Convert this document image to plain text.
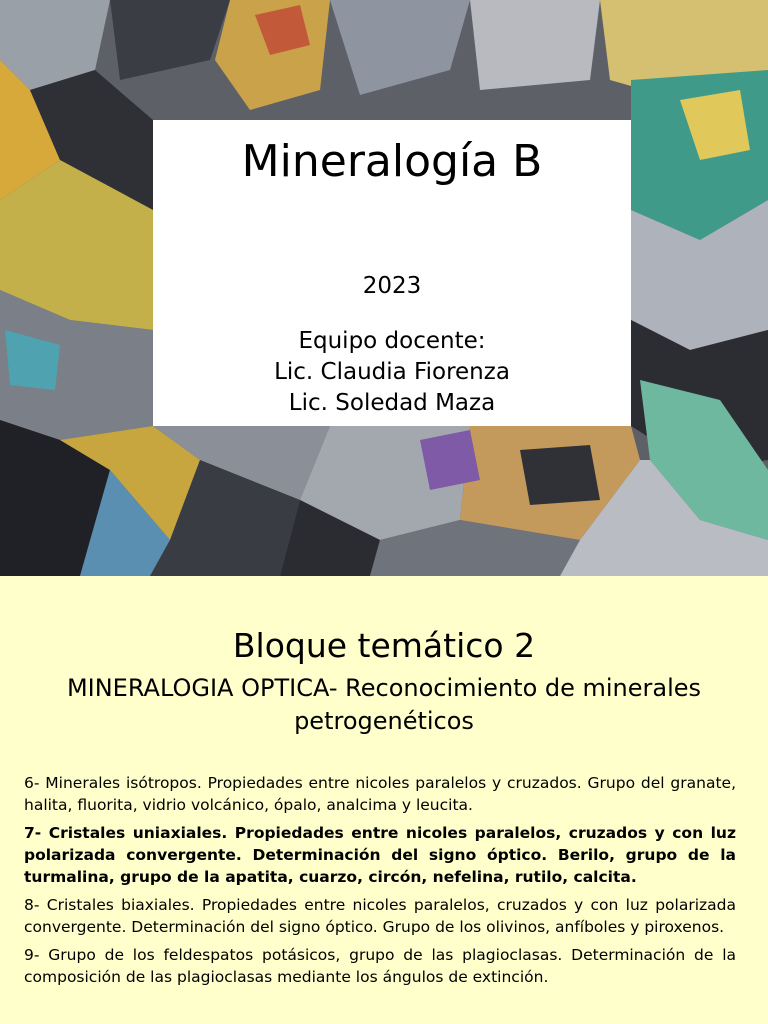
Mineralogía B
2023
Equipo docente:
Lic. Claudia Fiorenza
Lic. Soledad Maza
Bloque temático 2
MINERALOGIA OPTICA- Reconocimiento de minerales petrogenéticos

6- Minerales isótropos. Propiedades entre nicoles paralelos y cruzados. Grupo del granate, halita, fluorita, vidrio volcánico, ópalo, analcima y leucita.

7- Cristales uniaxiales. Propiedades entre nicoles paralelos, cruzados y con luz polarizada convergente. Determinación del signo óptico. Berilo, grupo de la turmalina, grupo de la apatita, cuarzo, circón, nefelina, rutilo, calcita.

8- Cristales biaxiales. Propiedades entre nicoles paralelos, cruzados y con luz polarizada convergente. Determinación del signo óptico. Grupo de los olivinos, anfíboles y piroxenos.

9- Grupo de los feldespatos potásicos, grupo de las plagioclasas. Determinación de la composición de las plagioclasas mediante los ángulos de extinción.
